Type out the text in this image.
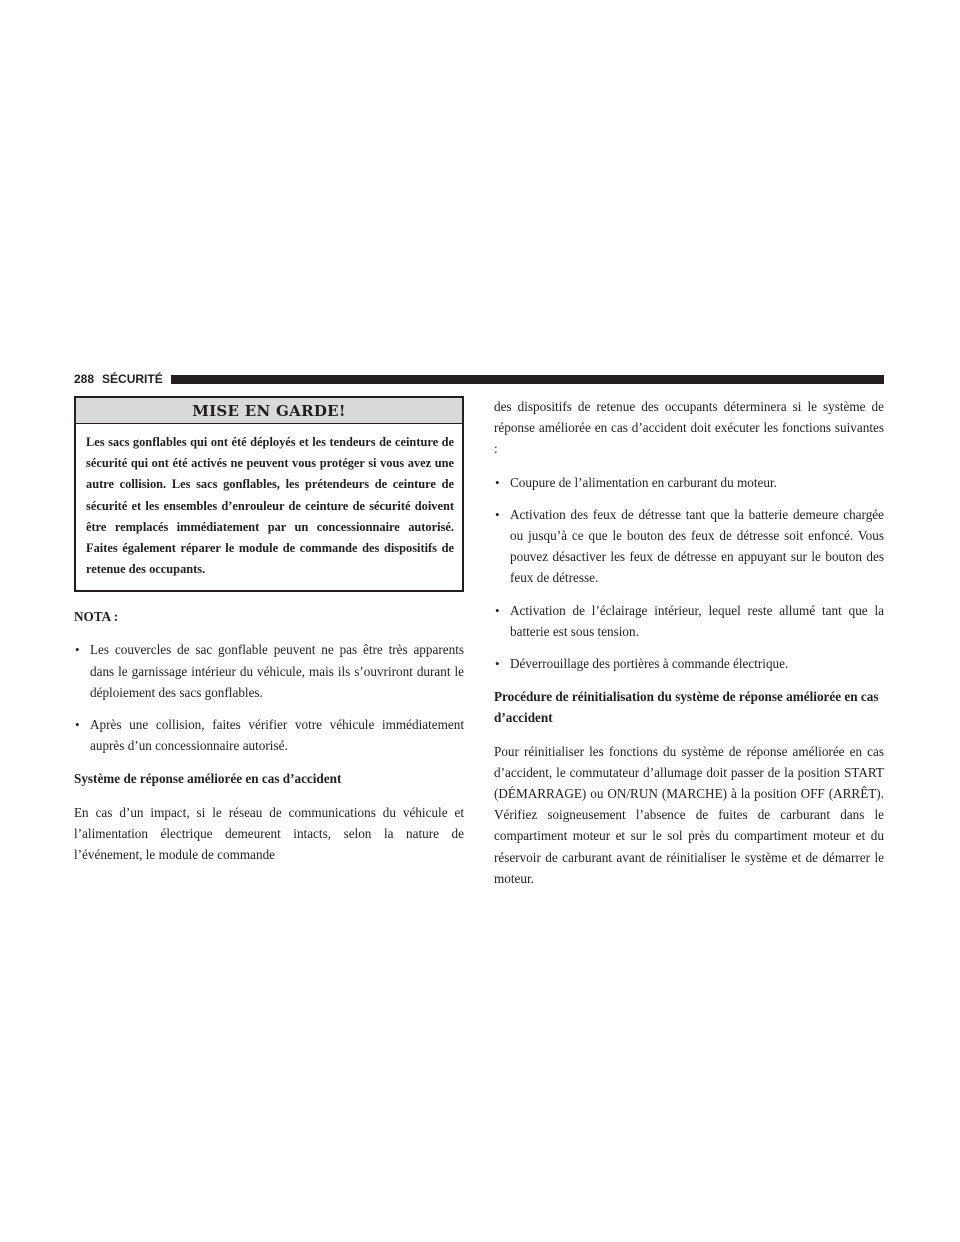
288 SÉCURITÉ
MISE EN GARDE!

Les sacs gonflables qui ont été déployés et les tendeurs de ceinture de sécurité qui ont été activés ne peuvent vous protéger si vous avez une autre collision. Les sacs gonflables, les prétendeurs de ceinture de sécurité et les ensembles d’enrouleur de ceinture de sécurité doivent être remplacés immédiatement par un concessionnaire autorisé. Faites également réparer le module de commande des dispositifs de retenue des occupants.

NOTA :

• Les couvercles de sac gonflable peuvent ne pas être très apparents dans le garnissage intérieur du véhicule, mais ils s’ouvriront durant le déploiement des sacs gonflables.
• Après une collision, faites vérifier votre véhicule immédiatement auprès d’un concessionnaire autorisé.

Système de réponse améliorée en cas d’accident

En cas d’un impact, si le réseau de communications du véhicule et l’alimentation électrique demeurent intacts, selon la nature de l’événement, le module de commande

des dispositifs de retenue des occupants déterminera si le système de réponse améliorée en cas d’accident doit exécuter les fonctions suivantes :

• Coupure de l’alimentation en carburant du moteur.
• Activation des feux de détresse tant que la batterie demeure chargée ou jusqu’à ce que le bouton des feux de détresse soit enfoncé. Vous pouvez désactiver les feux de détresse en appuyant sur le bouton des feux de détresse.
• Activation de l’éclairage intérieur, lequel reste allumé tant que la batterie est sous tension.
• Déverrouillage des portières à commande électrique.

Procédure de réinitialisation du système de réponse améliorée en cas d’accident

Pour réinitialiser les fonctions du système de réponse améliorée en cas d’accident, le commutateur d’allumage doit passer de la position START (DÉMARRAGE) ou ON/RUN (MARCHE) à la position OFF (ARRÊT). Vérifiez soigneusement l’absence de fuites de carburant dans le compartiment moteur et sur le sol près du compartiment moteur et du réservoir de carburant avant de réinitialiser le système et de démarrer le moteur.
